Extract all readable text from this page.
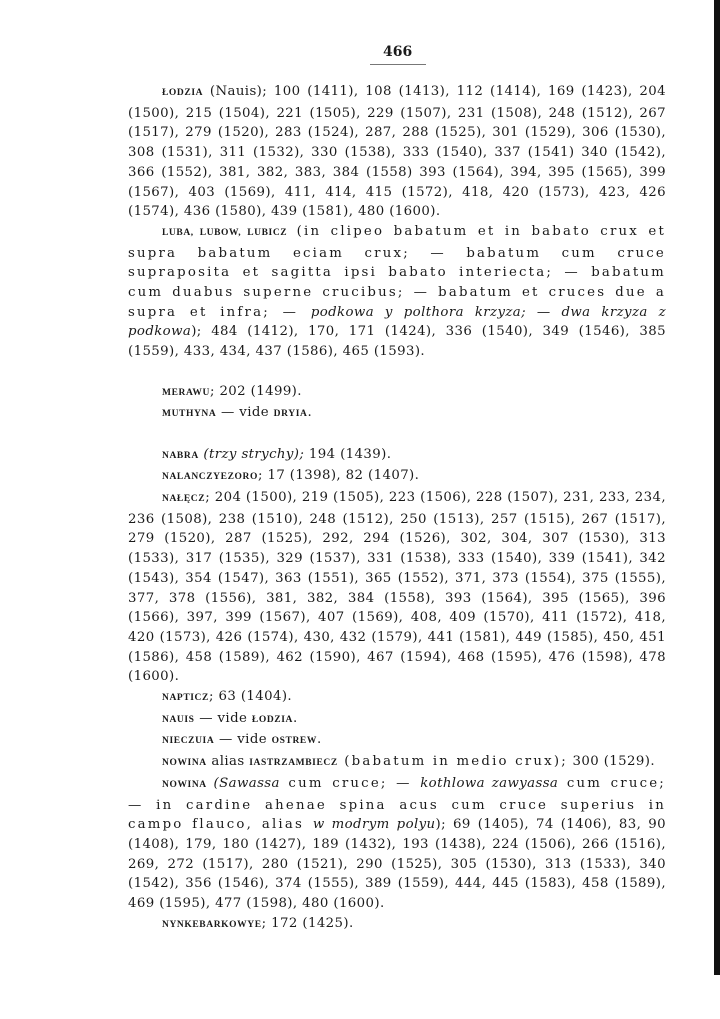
466

ŁODZIA (Nauis); 100 (1411), 108 (1413), 112 (1414), 169 (1423), 204 (1500), 215 (1504), 221 (1505), 229 (1507), 231 (1508), 248 (1512), 267 (1517), 279 (1520), 283 (1524), 287, 288 (1525), 301 (1529), 306 (1530), 308 (1531), 311 (1532), 330 (1538), 333 (1540), 337 (1541) 340 (1542), 366 (1552), 381, 382, 383, 384 (1558) 393 (1564), 394, 395 (1565), 399 (1567), 403 (1569), 411, 414, 415 (1572), 418, 420 (1573), 423, 426 (1574), 436 (1580), 439 (1581), 480 (1600).

LUBA, LUBOW, LUBICZ (in clipeo babatum et in babato crux et supra babatum eciam crux; — babatum cum cruce suprapositа et sagitta ipsi babato interiecta; — babatum cum duabus superne crucibus; — babatum et cruces due a supra et infra; — podkowa y polthora krzyza; — dwa krzyza z podkowa); 484 (1412), 170, 171 (1424), 336 (1540), 349 (1546), 385 (1559), 433, 434, 437 (1586), 465 (1593).

MERAWU; 202 (1499).

MUTHYNA — vide DRYIA.

NABRA (trzy strychy); 194 (1439).

NALANCZYEZORO; 17 (1398), 82 (1407).

NAŁĘCZ; 204 (1500), 219 (1505), 223 (1506), 228 (1507), 231, 233, 234, 236 (1508), 238 (1510), 248 (1512), 250 (1513), 257 (1515), 267 (1517), 279 (1520), 287 (1525), 292, 294 (1526), 302, 304, 307 (1530), 313 (1533), 317 (1535), 329 (1537), 331 (1538), 333 (1540), 339 (1541), 342 (1543), 354 (1547), 363 (1551), 365 (1552), 371, 373 (1554), 375 (1555), 377, 378 (1556), 381, 382, 384 (1558), 393 (1564), 395 (1565), 396 (1566), 397, 399 (1567), 407 (1569), 408, 409 (1570), 411 (1572), 418, 420 (1573), 426 (1574), 430, 432 (1579), 441 (1581), 449 (1585), 450, 451 (1586), 458 (1589), 462 (1590), 467 (1594), 468 (1595), 476 (1598), 478 (1600).

NAPTICZ; 63 (1404).

NAUIS — vide ŁODZIA.

NIECZUIA — vide OSTREW.

NOWINA alias IASTRZAMBIECZ (babatum in medio crux); 300 (1529).

NOWINA (Sawassa cum cruce; — kothlowa zawyassa cum cruce; — in cardine ahenae spina acus cum cruce superius in campo flauco, alias w modrym polyu); 69 (1405), 74 (1406), 83, 90 (1408), 179, 180 (1427), 189 (1432), 193 (1438), 224 (1506), 266 (1516), 269, 272 (1517), 280 (1521), 290 (1525), 305 (1530), 313 (1533), 340 (1542), 356 (1546), 374 (1555), 389 (1559), 444, 445 (1583), 458 (1589), 469 (1595), 477 (1598), 480 (1600).

NYNKEBARKOWYE; 172 (1425).
